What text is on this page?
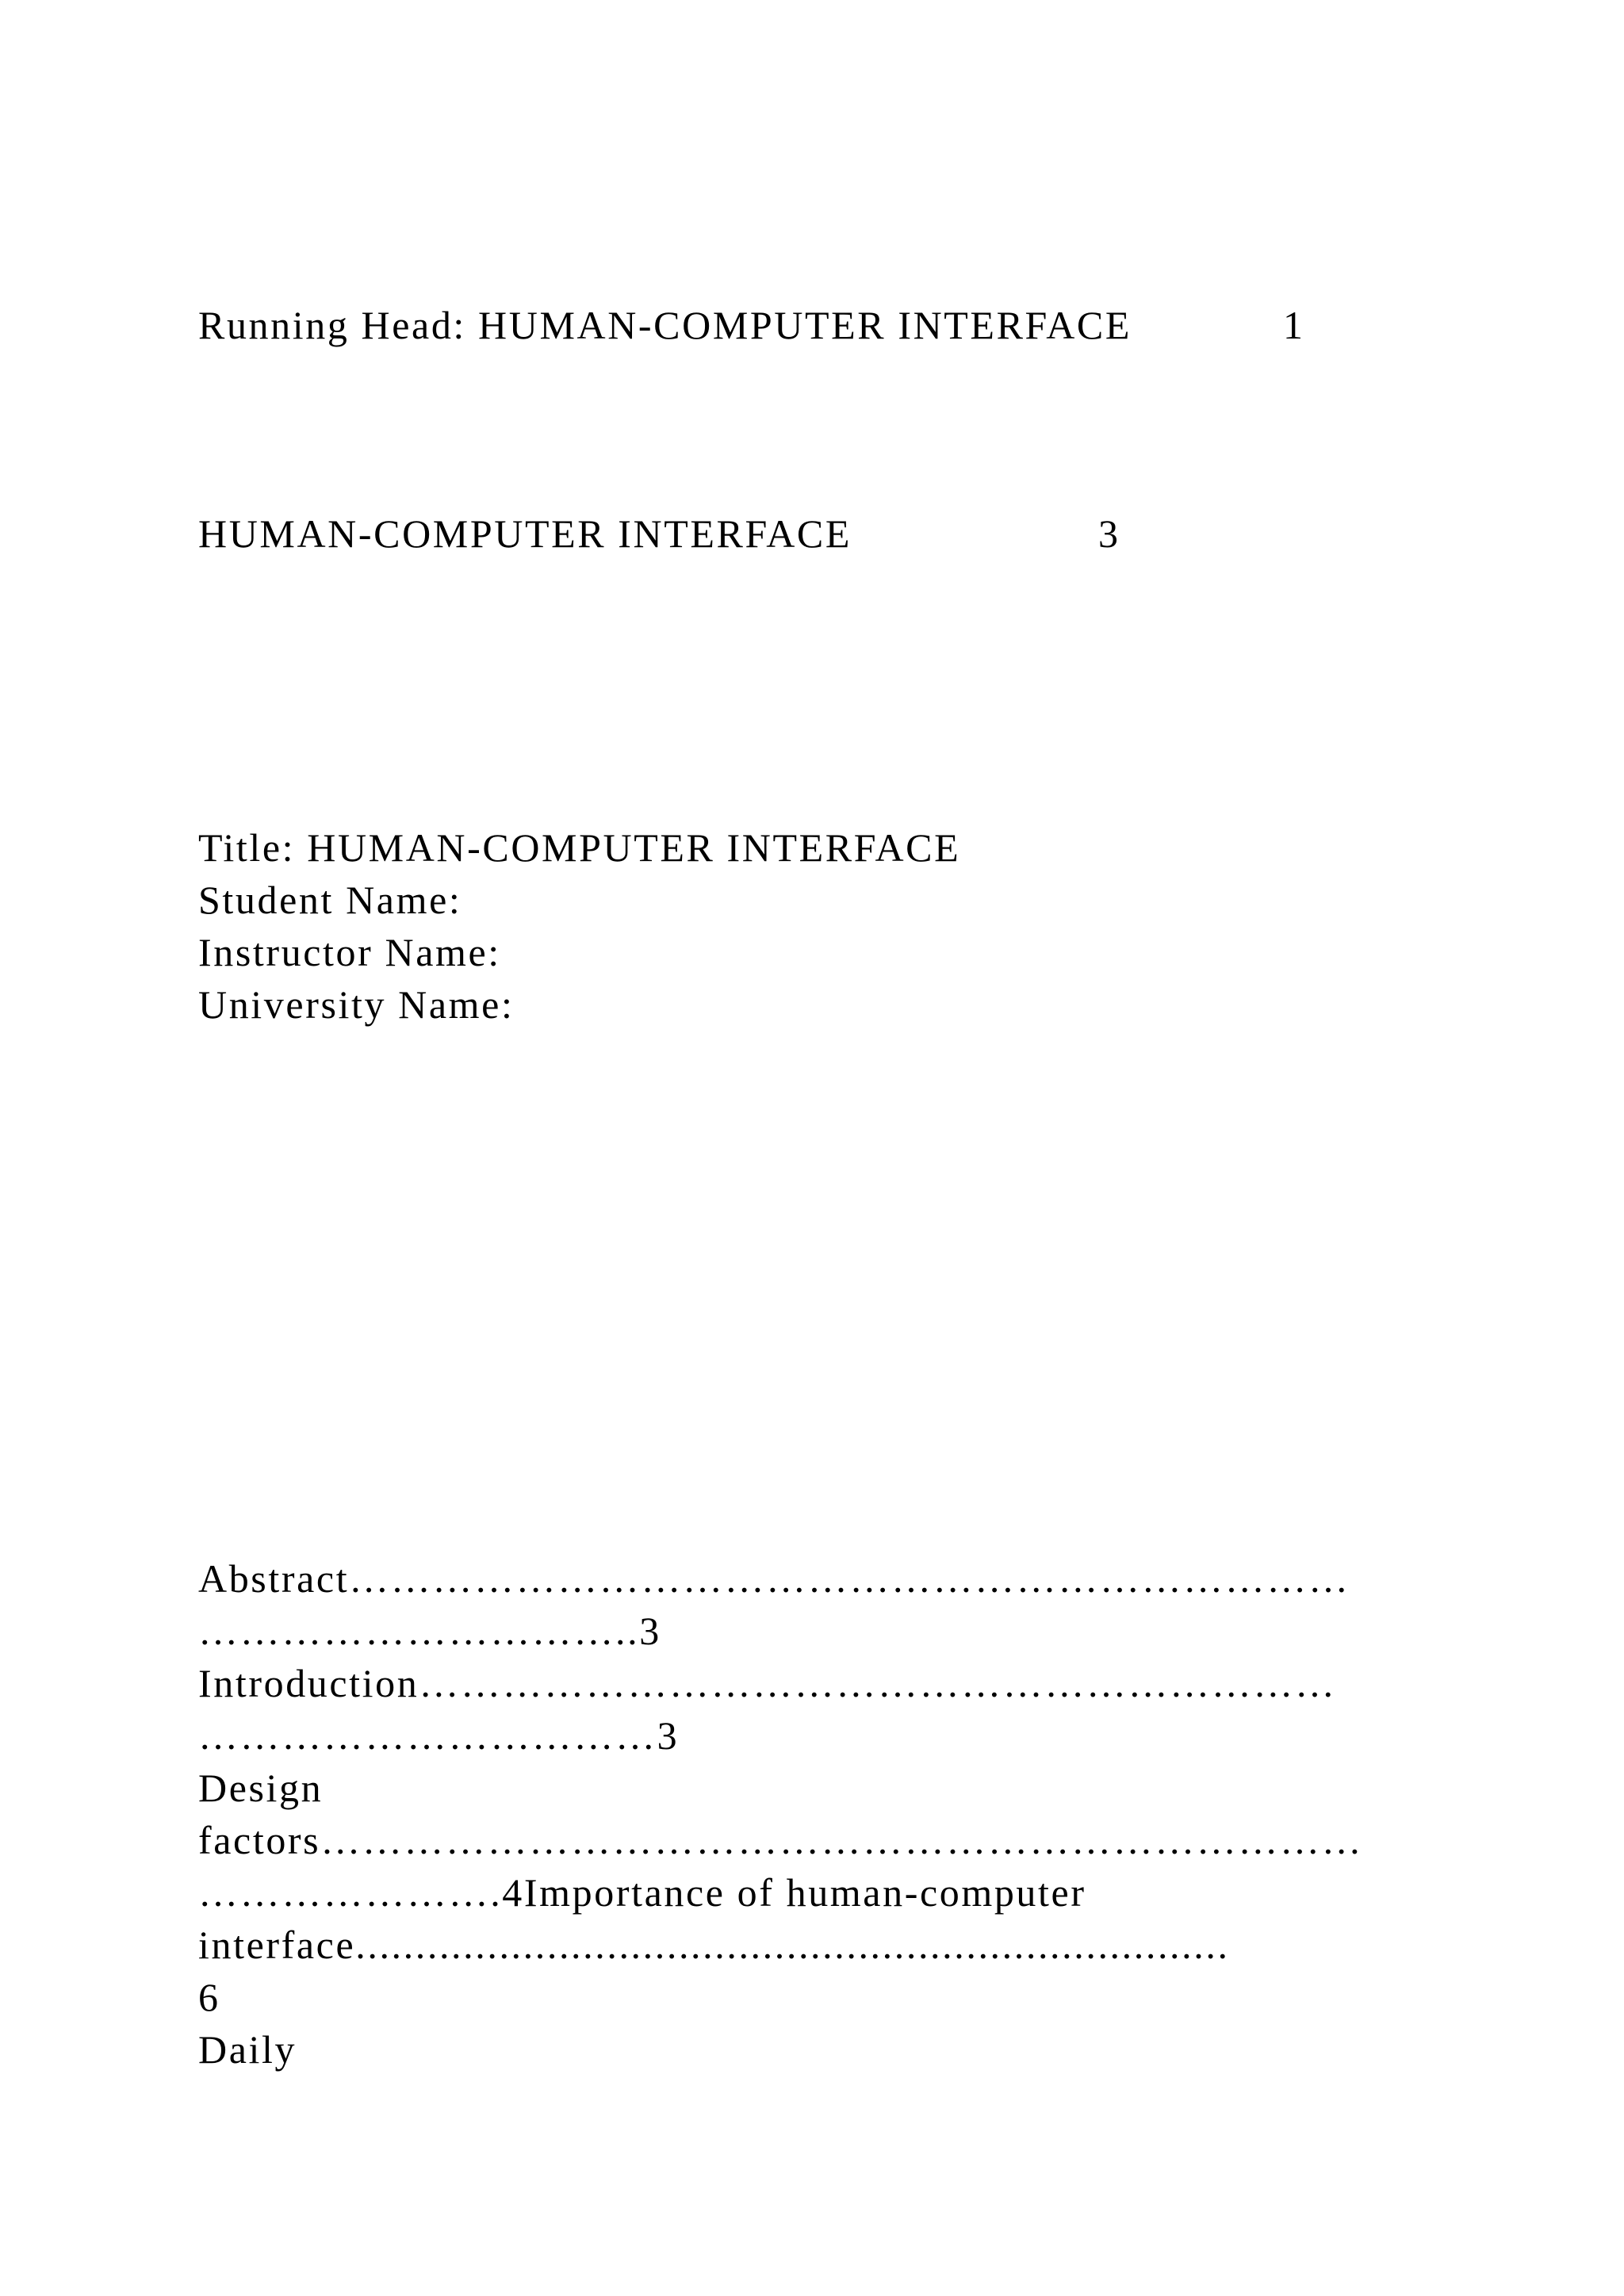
Running Head: HUMAN-COMPUTER INTERFACE	1
HUMAN-COMPUTER INTERFACE	3
Title: HUMAN-COMPUTER INTERFACE
Student Name:
Instructor Name:
University Name:
Abstract………………………………………………………………
…………………………..3
Introduction…………………………………………………………
……………………………3
Design
factors…………………………………………………………………
………………….4Importance of human-computer
interface.........................................................................
6
Daily
